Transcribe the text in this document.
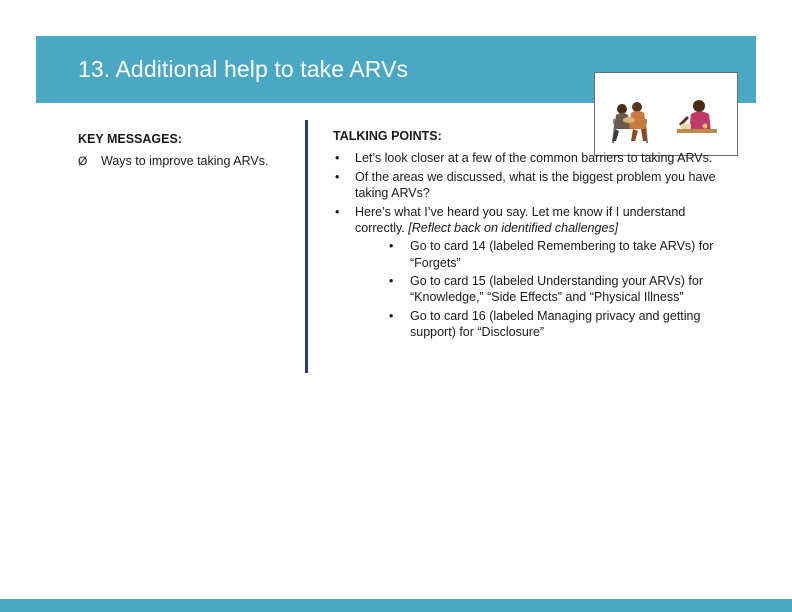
13. Additional help to take ARVs
KEY MESSAGES:
Ø Ways to improve taking ARVs.
TALKING POINTS:
• Let’s look closer at a few of the common barriers to taking ARVs.
• Of the areas we discussed, what is the biggest problem you have taking ARVs?
• Here’s what I’ve heard you say. Let me know if I understand correctly. [Reflect back on identified challenges]
• Go to card 14 (labeled Remembering to take ARVs) for “Forgets”
• Go to card 15 (labeled Understanding your ARVs) for “Knowledge,” “Side Effects” and “Physical Illness”
• Go to card 16 (labeled Managing privacy and getting support) for “Disclosure”
